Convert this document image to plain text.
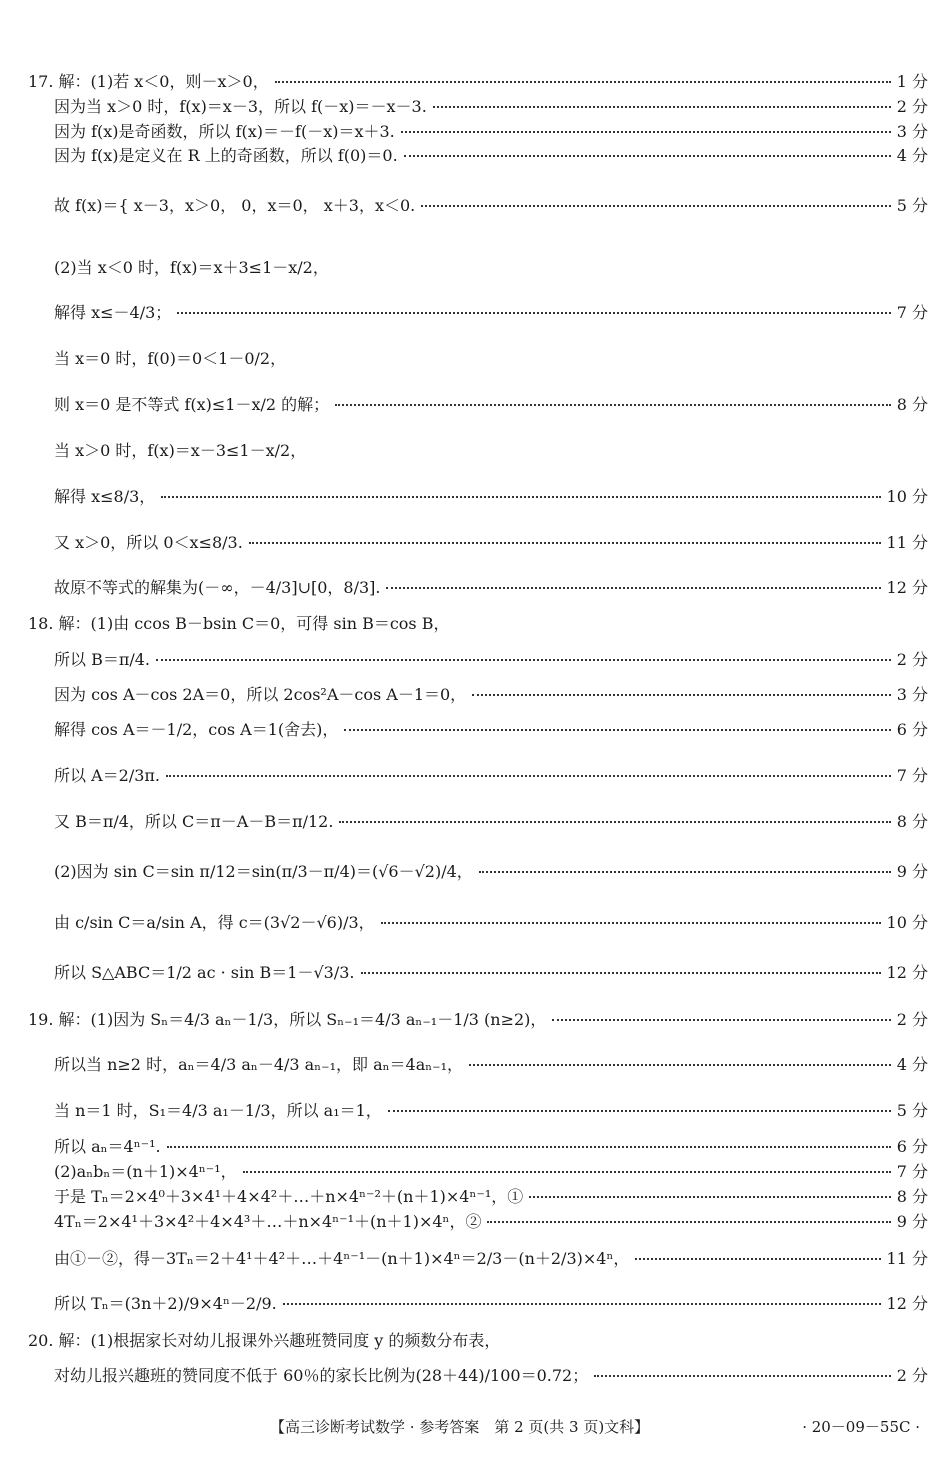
17. 解：(1)若 x＜0，则－x＞0，	1 分
因为当 x＞0 时，f(x)＝x－3，所以 f(－x)＝－x－3.	2 分
因为 f(x)是奇函数，所以 f(x)＝－f(－x)＝x＋3.	3 分
因为 f(x)是定义在 R 上的奇函数，所以 f(0)＝0.	4 分
故 f(x)＝{ x－3，x＞0， 0，x＝0， x＋3，x＜0.	5 分
(2)当 x＜0 时，f(x)＝x＋3≤1－x/2，
解得 x≤－4/3；	7 分
当 x＝0 时，f(0)＝0＜1－0/2，
则 x＝0 是不等式 f(x)≤1－x/2 的解；	8 分
当 x＞0 时，f(x)＝x－3≤1－x/2，
解得 x≤8/3，	10 分
又 x＞0，所以 0＜x≤8/3.	11 分
故原不等式的解集为(－∞，－4/3]∪[0，8/3].	12 分
18. 解：(1)由 ccos B－bsin C＝0，可得 sin B＝cos B，
所以 B＝π/4.	2 分
因为 cos A－cos 2A＝0，所以 2cos²A－cos A－1＝0，	3 分
解得 cos A＝－1/2，cos A＝1(舍去)，	6 分
所以 A＝2/3π.	7 分
又 B＝π/4，所以 C＝π－A－B＝π/12.	8 分
(2)因为 sin C＝sin π/12＝sin(π/3－π/4)＝(√6－√2)/4，	9 分
由 c/sin C＝a/sin A，得 c＝(3√2－√6)/3，	10 分
所以 S△ABC＝1/2 ac · sin B＝1－√3/3.	12 分
19. 解：(1)因为 Sₙ＝4/3 aₙ－1/3，所以 Sₙ₋₁＝4/3 aₙ₋₁－1/3 (n≥2)，	2 分
所以当 n≥2 时，aₙ＝4/3 aₙ－4/3 aₙ₋₁，即 aₙ＝4aₙ₋₁，	4 分
当 n＝1 时，S₁＝4/3 a₁－1/3，所以 a₁＝1，	5 分
所以 aₙ＝4ⁿ⁻¹.	6 分
(2)aₙbₙ＝(n＋1)×4ⁿ⁻¹，	7 分
于是 Tₙ＝2×4⁰＋3×4¹＋4×4²＋…＋n×4ⁿ⁻²＋(n＋1)×4ⁿ⁻¹，①	8 分
4Tₙ＝2×4¹＋3×4²＋4×4³＋…＋n×4ⁿ⁻¹＋(n＋1)×4ⁿ，②	9 分
由①－②，得－3Tₙ＝2＋4¹＋4²＋…＋4ⁿ⁻¹－(n＋1)×4ⁿ＝2/3－(n＋2/3)×4ⁿ，	11 分
所以 Tₙ＝(3n＋2)/9×4ⁿ－2/9.	12 分
20. 解：(1)根据家长对幼儿报课外兴趣班赞同度 y 的频数分布表，
对幼儿报兴趣班的赞同度不低于 60％的家长比例为(28＋44)/100＝0.72；	2 分
【高三诊断考试数学 · 参考答案　第 2 页(共 3 页)文科】	· 20－09－55C ·
